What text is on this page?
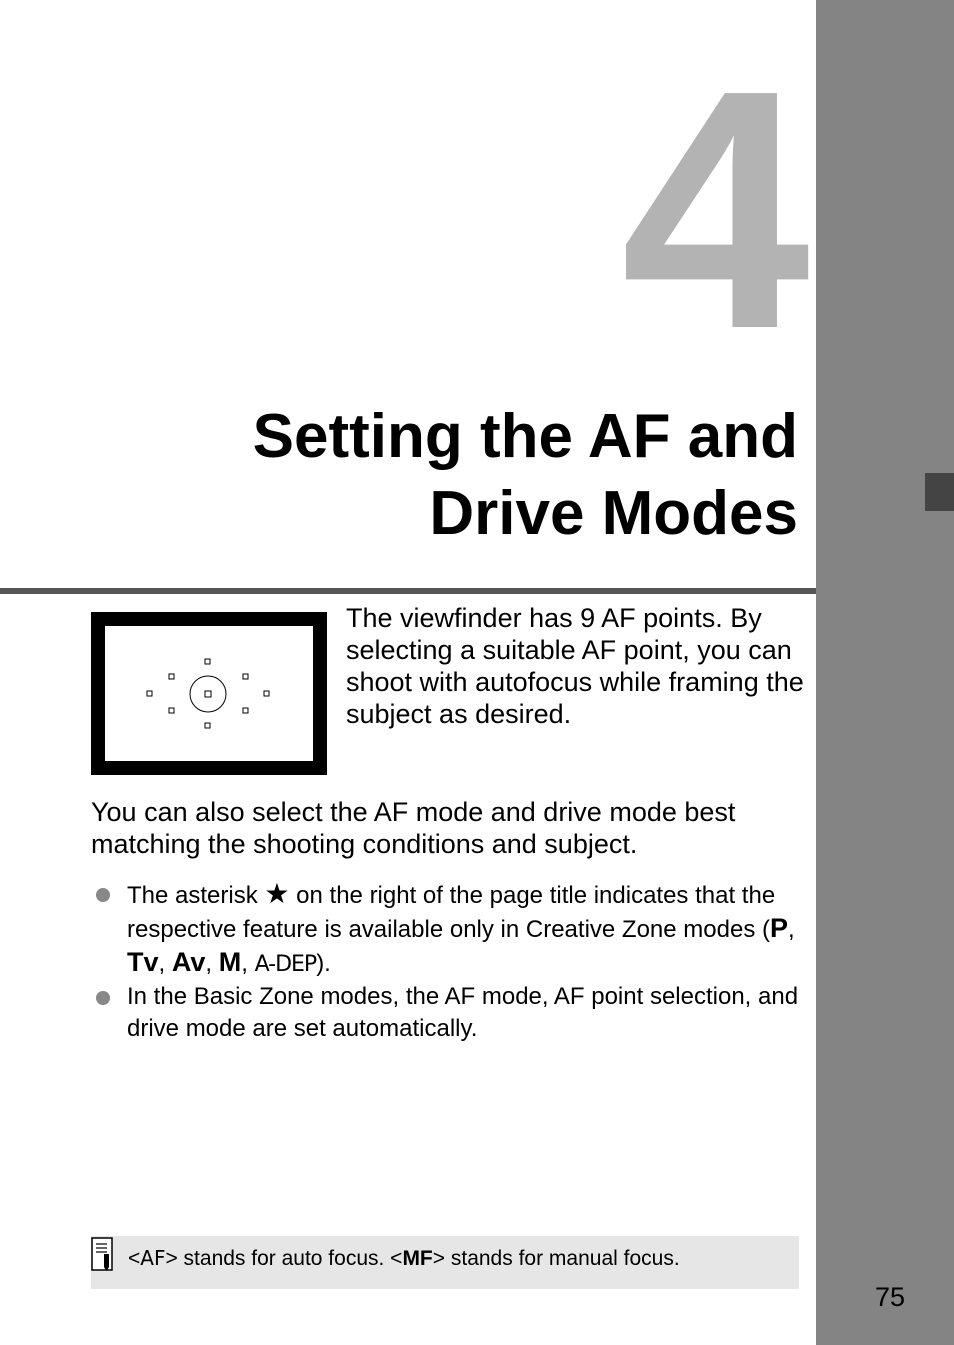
75
4
Setting the AF and
Drive Modes
The viewfinder has 9 AF points. By selecting a suitable AF point, you can shoot with autofocus while framing the subject as desired.
You can also select the AF mode and drive mode best matching the shooting conditions and subject.
The asterisk ★ on the right of the page title indicates that the respective feature is available only in Creative Zone modes (P, Tv, Av, M, A-DEP).
In the Basic Zone modes, the AF mode, AF point selection, and drive mode are set automatically.
<AF> stands for auto focus. <MF> stands for manual focus.
